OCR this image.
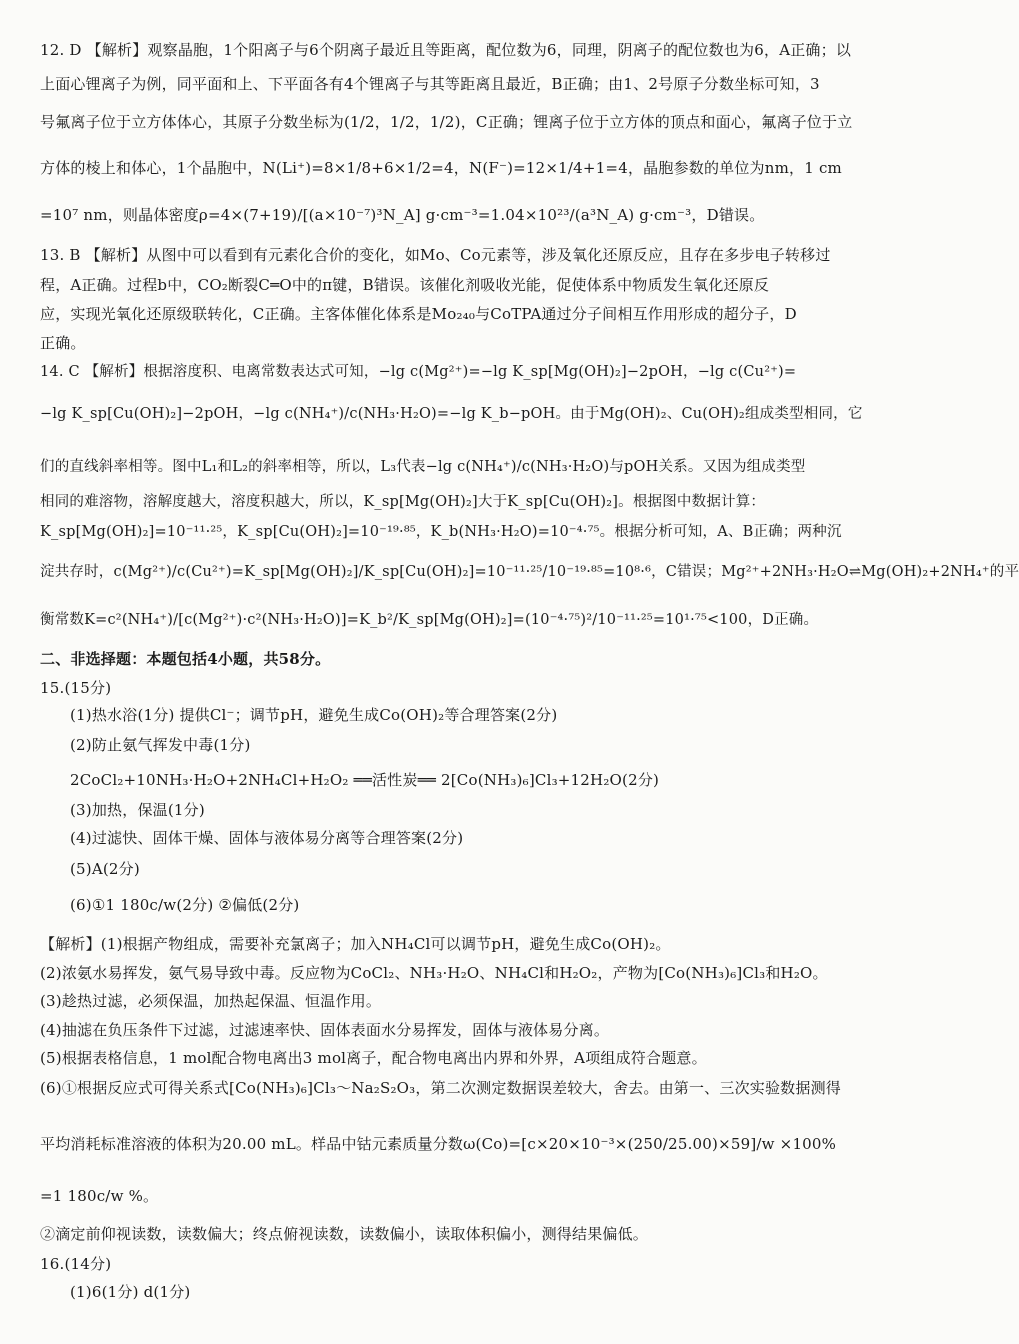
12. D 【解析】观察晶胞，1个阳离子与6个阴离子最近且等距离，配位数为6，同理，阴离子的配位数也为6，A正确；以
上面心锂离子为例，同平面和上、下平面各有4个锂离子与其等距离且最近，B正确；由1、2号原子分数坐标可知，3
号氟离子位于立方体体心，其原子分数坐标为(1/2，1/2，1/2)，C正确；锂离子位于立方体的顶点和面心，氟离子位于立
方体的棱上和体心，1个晶胞中，N(Li⁺)=8×1/8+6×1/2=4，N(F⁻)=12×1/4+1=4，晶胞参数的单位为nm，1 cm
=10⁷ nm，则晶体密度ρ=4×(7+19)/[(a×10⁻⁷)³N_A] g·cm⁻³=1.04×10²³/(a³N_A) g·cm⁻³，D错误。
13. B 【解析】从图中可以看到有元素化合价的变化，如Mo、Co元素等，涉及氧化还原反应，且存在多步电子转移过
程，A正确。过程b中，CO₂断裂C═O中的π键，B错误。该催化剂吸收光能，促使体系中物质发生氧化还原反
应，实现光氧化还原级联转化，C正确。主客体催化体系是Mo₂₄₀与CoTPA通过分子间相互作用形成的超分子，D
正确。
14. C 【解析】根据溶度积、电离常数表达式可知，−lg c(Mg²⁺)=−lg K_sp[Mg(OH)₂]−2pOH，−lg c(Cu²⁺)=
−lg K_sp[Cu(OH)₂]−2pOH，−lg c(NH₄⁺)/c(NH₃·H₂O)=−lg K_b−pOH。由于Mg(OH)₂、Cu(OH)₂组成类型相同，它
们的直线斜率相等。图中L₁和L₂的斜率相等，所以，L₃代表−lg c(NH₄⁺)/c(NH₃·H₂O)与pOH关系。又因为组成类型
相同的难溶物，溶解度越大，溶度积越大，所以，K_sp[Mg(OH)₂]大于K_sp[Cu(OH)₂]。根据图中数据计算：
K_sp[Mg(OH)₂]=10⁻¹¹·²⁵，K_sp[Cu(OH)₂]=10⁻¹⁹·⁸⁵，K_b(NH₃·H₂O)=10⁻⁴·⁷⁵。根据分析可知，A、B正确；两种沉
淀共存时，c(Mg²⁺)/c(Cu²⁺)=K_sp[Mg(OH)₂]/K_sp[Cu(OH)₂]=10⁻¹¹·²⁵/10⁻¹⁹·⁸⁵=10⁸·⁶，C错误；Mg²⁺+2NH₃·H₂O⇌Mg(OH)₂+2NH₄⁺的平
衡常数K=c²(NH₄⁺)/[c(Mg²⁺)·c²(NH₃·H₂O)]=K_b²/K_sp[Mg(OH)₂]=(10⁻⁴·⁷⁵)²/10⁻¹¹·²⁵=10¹·⁷⁵<100，D正确。
二、非选择题：本题包括4小题，共58分。
15.(15分)
(1)热水浴(1分) 提供Cl⁻；调节pH，避免生成Co(OH)₂等合理答案(2分)
(2)防止氨气挥发中毒(1分)
2CoCl₂+10NH₃·H₂O+2NH₄Cl+H₂O₂ ══活性炭══ 2[Co(NH₃)₆]Cl₃+12H₂O(2分)
(3)加热，保温(1分)
(4)过滤快、固体干燥、固体与液体易分离等合理答案(2分)
(5)A(2分)
(6)①1 180c/w(2分) ②偏低(2分)
【解析】(1)根据产物组成，需要补充氯离子；加入NH₄Cl可以调节pH，避免生成Co(OH)₂。
(2)浓氨水易挥发，氨气易导致中毒。反应物为CoCl₂、NH₃·H₂O、NH₄Cl和H₂O₂，产物为[Co(NH₃)₆]Cl₃和H₂O。
(3)趁热过滤，必须保温，加热起保温、恒温作用。
(4)抽滤在负压条件下过滤，过滤速率快、固体表面水分易挥发，固体与液体易分离。
(5)根据表格信息，1 mol配合物电离出3 mol离子，配合物电离出内界和外界，A项组成符合题意。
(6)①根据反应式可得关系式[Co(NH₃)₆]Cl₃～Na₂S₂O₃，第二次测定数据误差较大，舍去。由第一、三次实验数据测得
平均消耗标准溶液的体积为20.00 mL。样品中钴元素质量分数ω(Co)=[c×20×10⁻³×(250/25.00)×59]/w ×100%
=1 180c/w %。
②滴定前仰视读数，读数偏大；终点俯视读数，读数偏小，读取体积偏小，测得结果偏低。
16.(14分)
(1)6(1分) d(1分)
